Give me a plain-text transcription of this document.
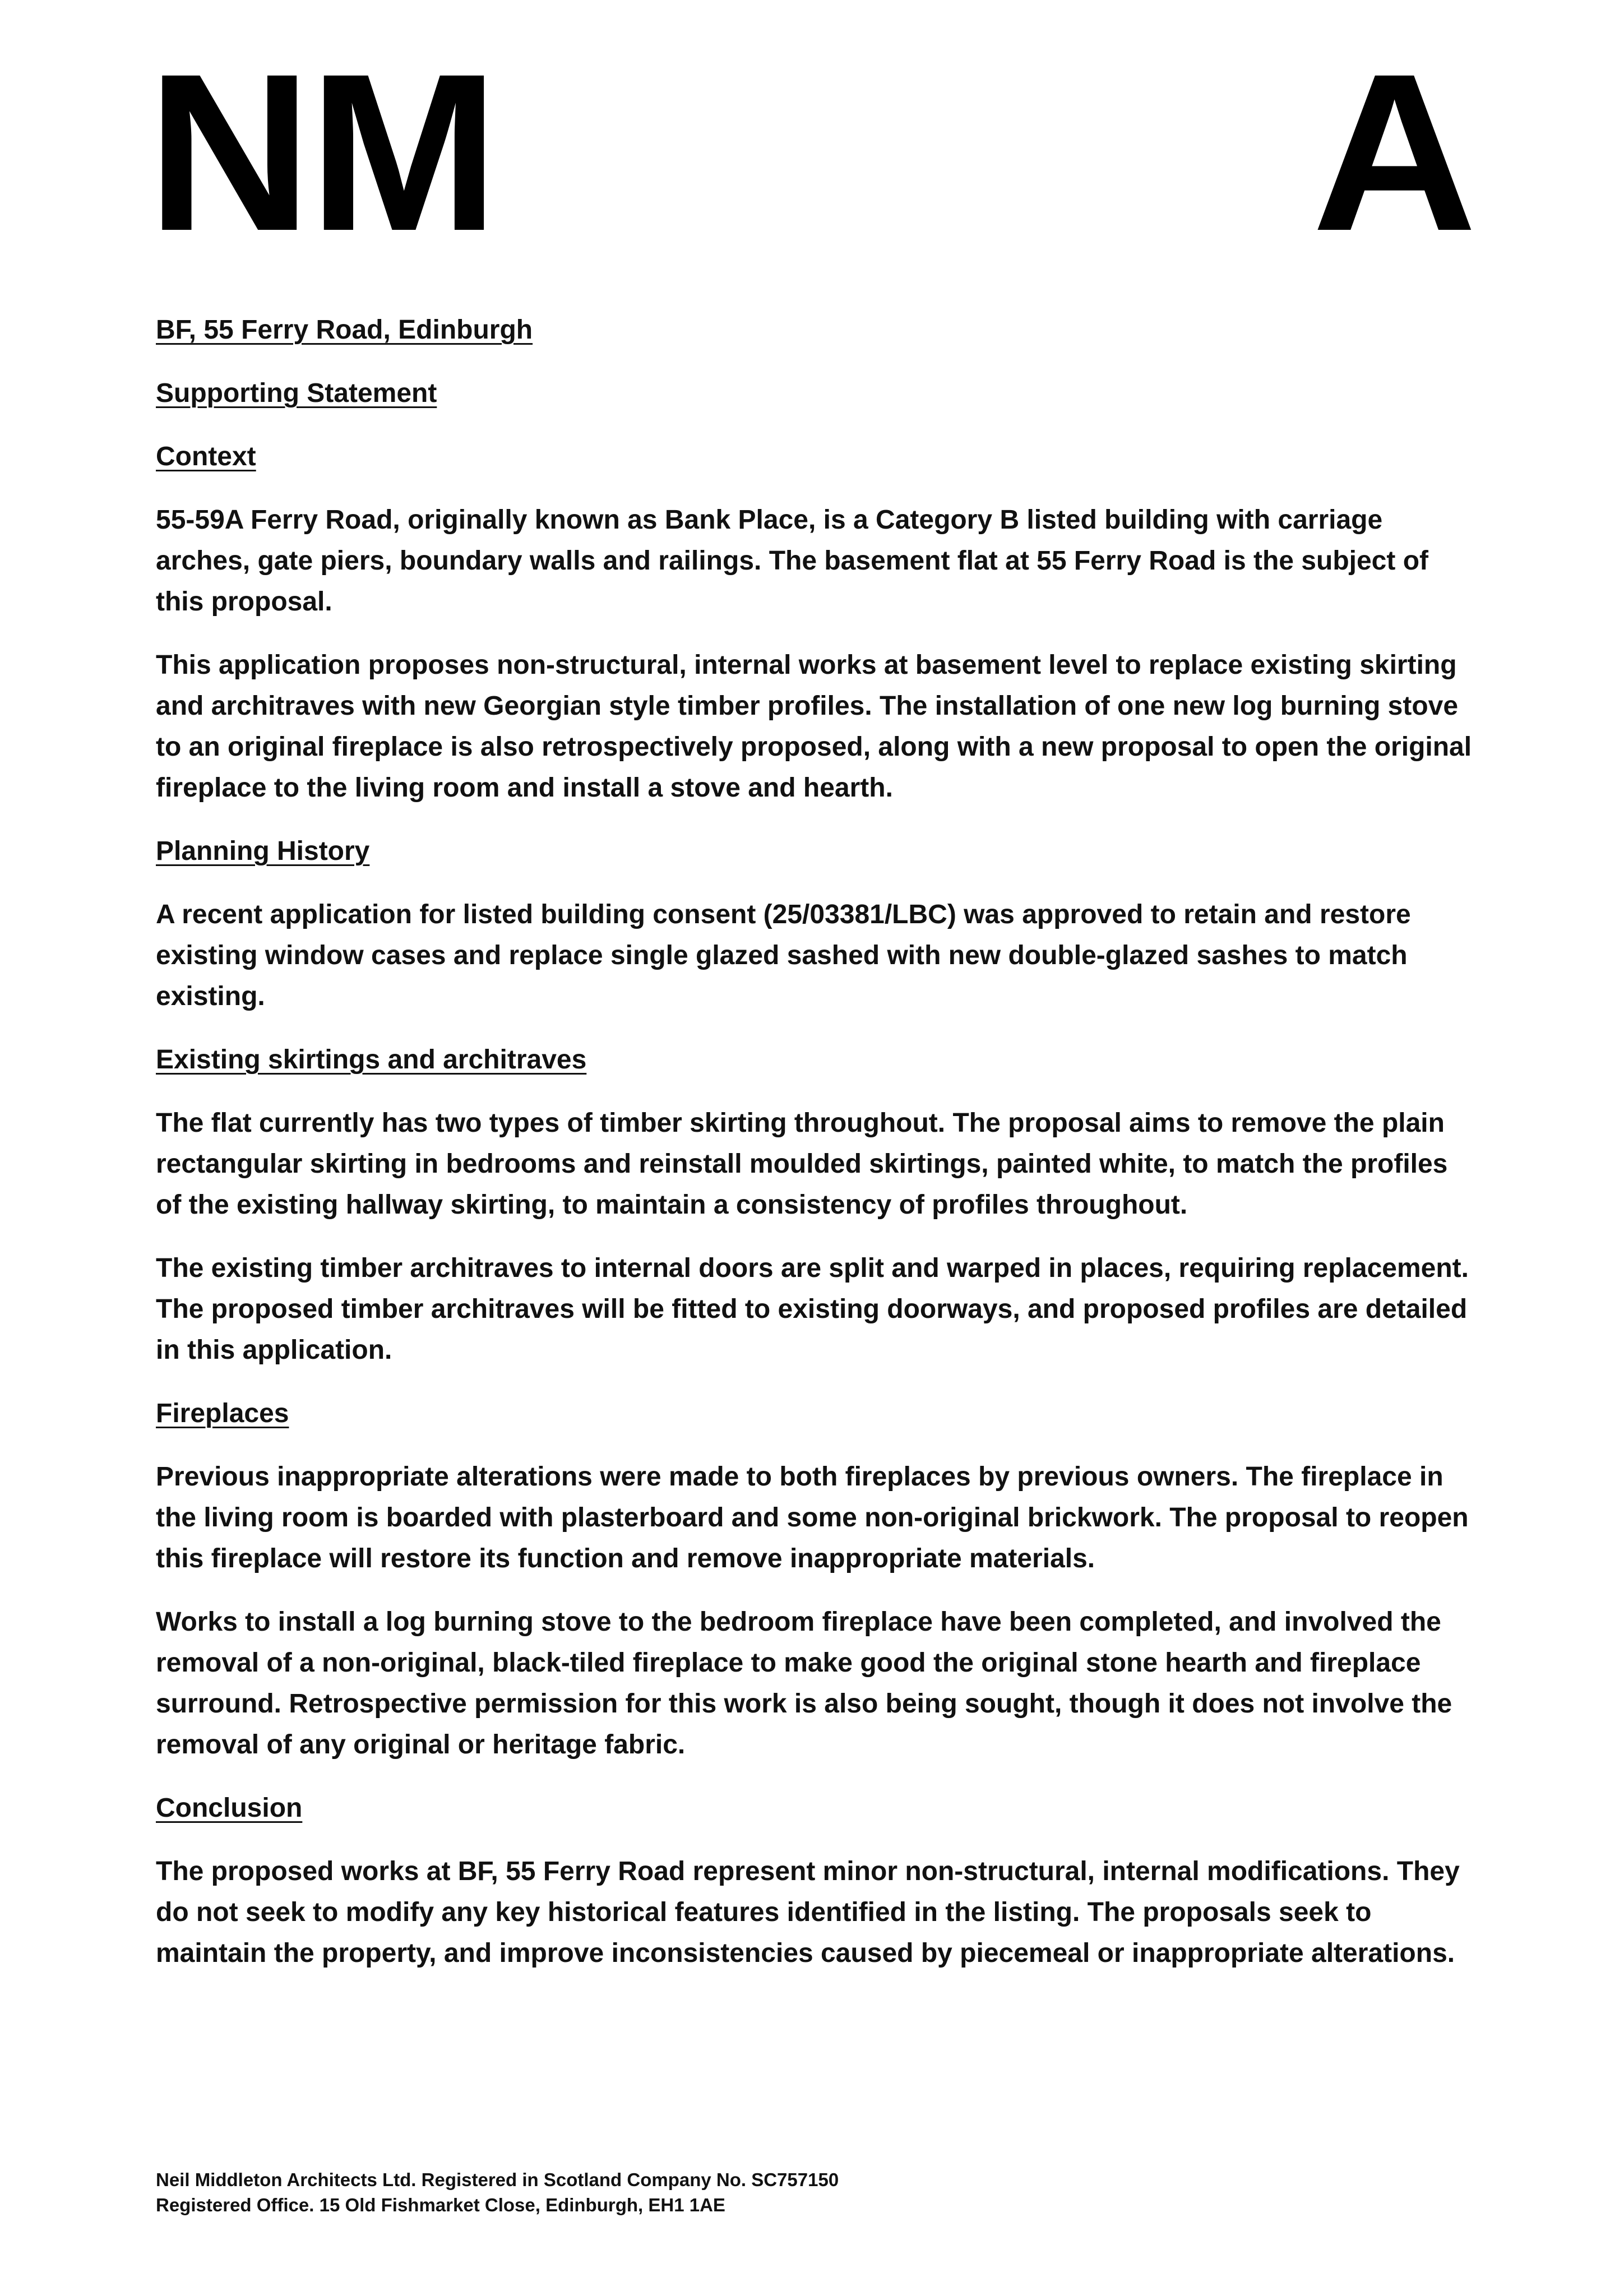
NM	A
BF, 55 Ferry Road, Edinburgh
Supporting Statement
Context

55-59A Ferry Road, originally known as Bank Place, is a Category B listed building with carriage arches, gate piers, boundary walls and railings. The basement flat at 55 Ferry Road is the subject of this proposal.

This application proposes non-structural, internal works at basement level to replace existing skirting and architraves with new Georgian style timber profiles. The installation of one new log burning stove to an original fireplace is also retrospectively proposed, along with a new proposal to open the original fireplace to the living room and install a stove and hearth.

Planning History

A recent application for listed building consent (25/03381/LBC) was approved to retain and restore existing window cases and replace single glazed sashed with new double-glazed sashes to match existing.

Existing skirtings and architraves

The flat currently has two types of timber skirting throughout. The proposal aims to remove the plain rectangular skirting in bedrooms and reinstall moulded skirtings, painted white, to match the profiles of the existing hallway skirting, to maintain a consistency of profiles throughout.

The existing timber architraves to internal doors are split and warped in places, requiring replacement. The proposed timber architraves will be fitted to existing doorways, and proposed profiles are detailed in this application.

Fireplaces

Previous inappropriate alterations were made to both fireplaces by previous owners. The fireplace in the living room is boarded with plasterboard and some non-original brickwork. The proposal to reopen this fireplace will restore its function and remove inappropriate materials.

Works to install a log burning stove to the bedroom fireplace have been completed, and involved the removal of a non-original, black-tiled fireplace to make good the original stone hearth and fireplace surround. Retrospective permission for this work is also being sought, though it does not involve the removal of any original or heritage fabric.

Conclusion

The proposed works at BF, 55 Ferry Road represent minor non-structural, internal modifications. They do not seek to modify any key historical features identified in the listing. The proposals seek to maintain the property, and improve inconsistencies caused by piecemeal or inappropriate alterations.

Neil Middleton Architects Ltd. Registered in Scotland Company No. SC757150
Registered Office. 15 Old Fishmarket Close, Edinburgh, EH1 1AE
